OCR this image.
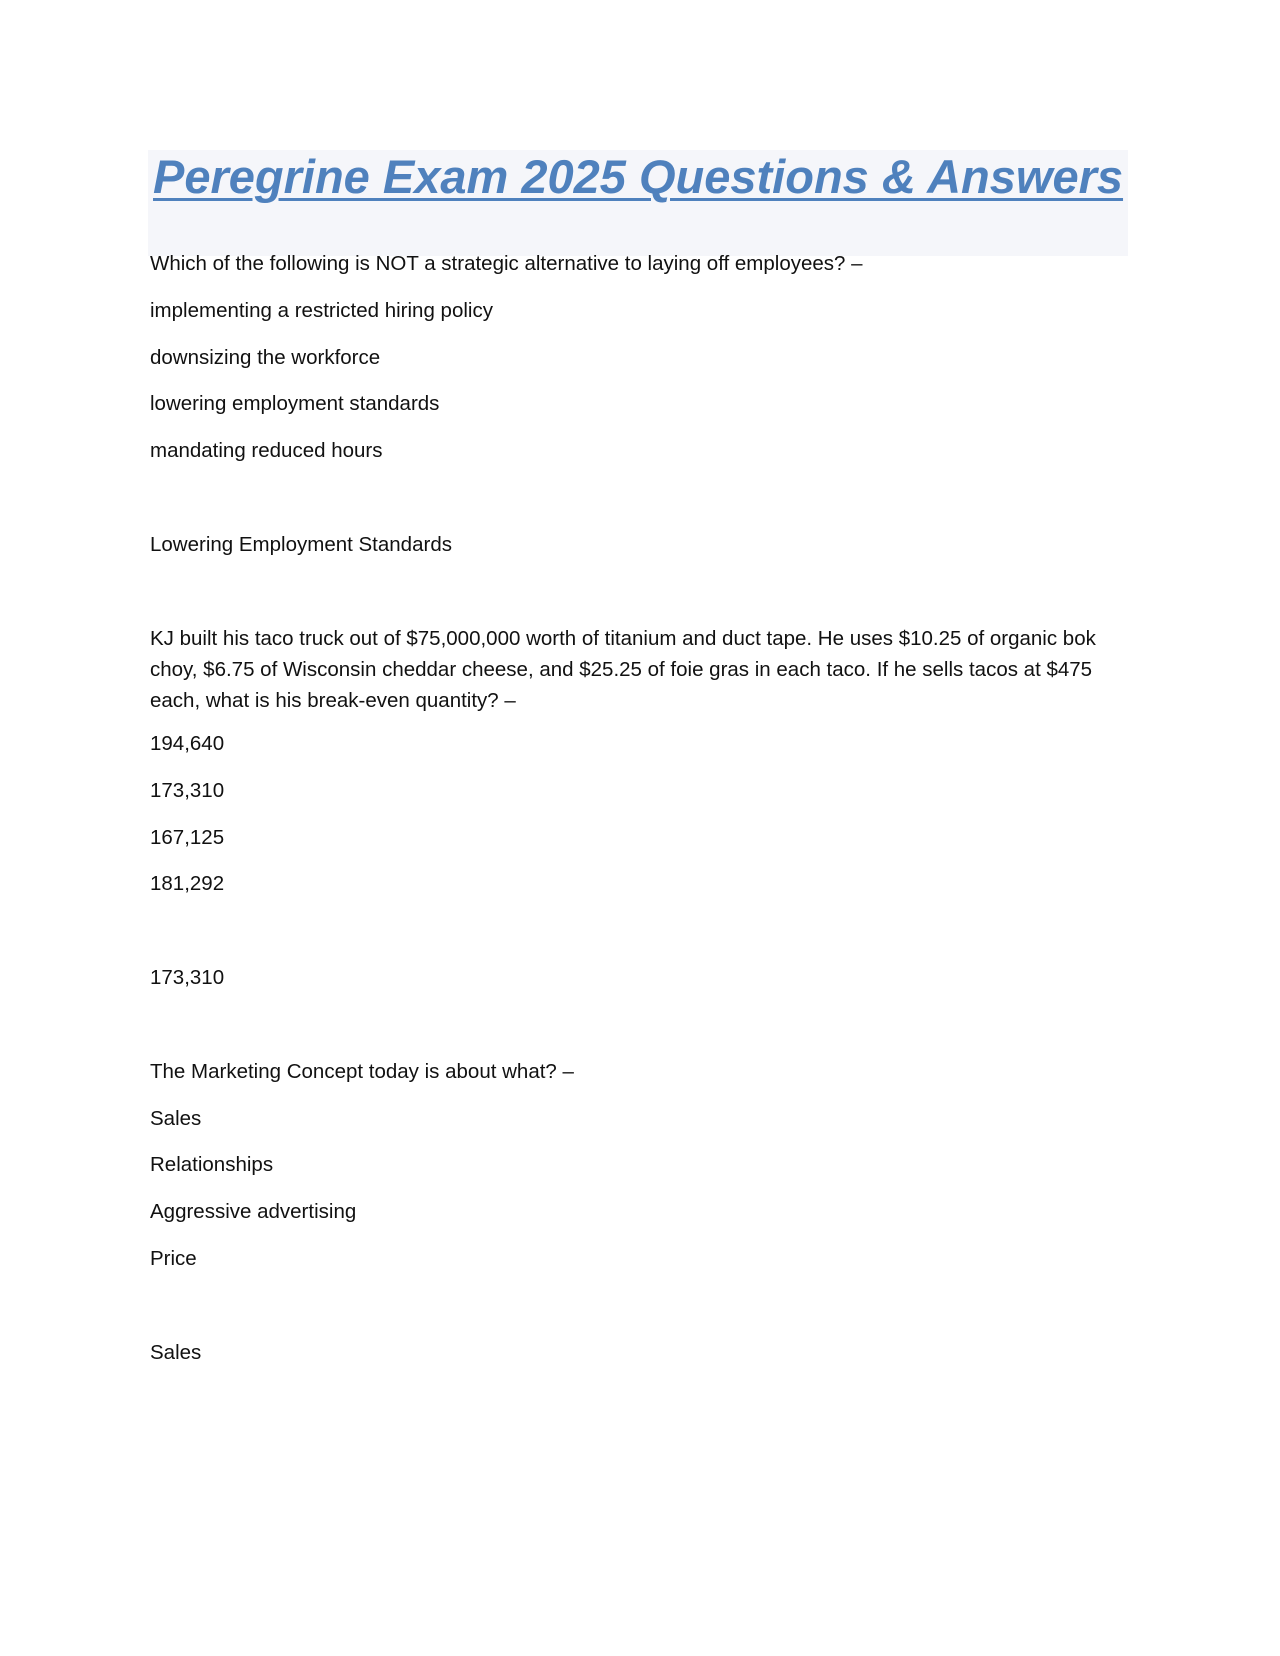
Peregrine Exam 2025 Questions & Answers

Which of the following is NOT a strategic alternative to laying off employees? –

implementing a restricted hiring policy

downsizing the workforce

lowering employment standards

mandating reduced hours

Lowering Employment Standards

KJ built his taco truck out of $75,000,000 worth of titanium and duct tape. He uses $10.25 of organic bok choy, $6.75 of Wisconsin cheddar cheese, and $25.25 of foie gras in each taco. If he sells tacos at $475 each, what is his break-even quantity? –

194,640

173,310

167,125

181,292

173,310

The Marketing Concept today is about what? –

Sales

Relationships

Aggressive advertising

Price

Sales
